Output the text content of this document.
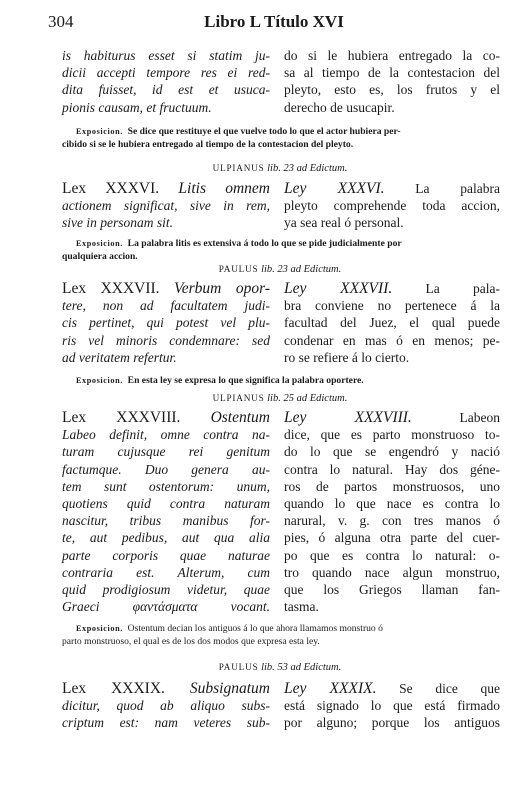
304	Libro L Título XVI
is habiturus esset si statim ju-
dicii accepti tempore res ei red-
dita fuisset, id est et usuca-
pionis causam, et fructuum.
do si le hubiera entregado la co-
sa al tiempo de la contestacion del
pleyto, esto es, los frutos y el
derecho de usucapir.
Exposicion. Se dice que restituye el que vuelve todo lo que el actor hubiera per-
cibido si se le hubiera entregado al tiempo de la contestacion del pleyto.
ULPIANUS lib. 23 ad Edictum.
Lex XXXVI. Litis omnem
actionem significat, sive in rem,
sive in personam sit.
Ley XXXVI. La palabra
pleyto comprehende toda accion,
ya sea real ó personal.
Exposicion. La palabra litis es extensiva á todo lo que se pide judicialmente por
qualquiera accion.
PAULUS lib. 23 ad Edictum.
Lex XXXVII. Verbum opor-
tere, non ad facultatem judi-
cis pertinet, qui potest vel plu-
ris vel minoris condemnare: sed
ad veritatem refertur.
Ley XXXVII. La pala-
bra conviene no pertenece á la
facultad del Juez, el qual puede
condenar en mas ó en menos; pe-
ro se refiere á lo cierto.
Exposicion. En esta ley se expresa lo que significa la palabra oportere.
ULPIANUS lib. 25 ad Edictum.
Lex XXXVIII. Ostentum
Labeo definit, omne contra na-
turam cujusque rei genitum
factumque. Duo genera au-
tem sunt ostentorum: unum,
quotiens quid contra naturam
nascitur, tribus manibus for-
te, aut pedibus, aut qua alia
parte corporis quae naturae
contraria est. Alterum, cum
quid prodigiosum videtur, quae
Graeci φαντάσματα vocant.
Ley XXXVIII. Labeon
dice, que es parto monstruoso to-
do lo que se engendró y nació
contra lo natural. Hay dos géne-
ros de partos monstruosos, uno
quando lo que nace es contra lo
narural, v. g. con tres manos ó
pies, ó alguna otra parte del cuer-
po que es contra lo natural: o-
tro quando nace algun monstruo,
que los Griegos llaman fan-
tasma.
Exposicion. Ostentum decian los antiguos á lo que ahora llamamos monstruo ó
parto monstruoso, el qual es de los dos modos que expresa esta ley.
PAULUS lib. 53 ad Edictum.
Lex XXXIX. Subsignatum
dicitur, quod ab aliquo subs-
criptum est: nam veteres sub-
Ley XXXIX. Se dice que
está signado lo que está firmado
por alguno; porque los antiguos
